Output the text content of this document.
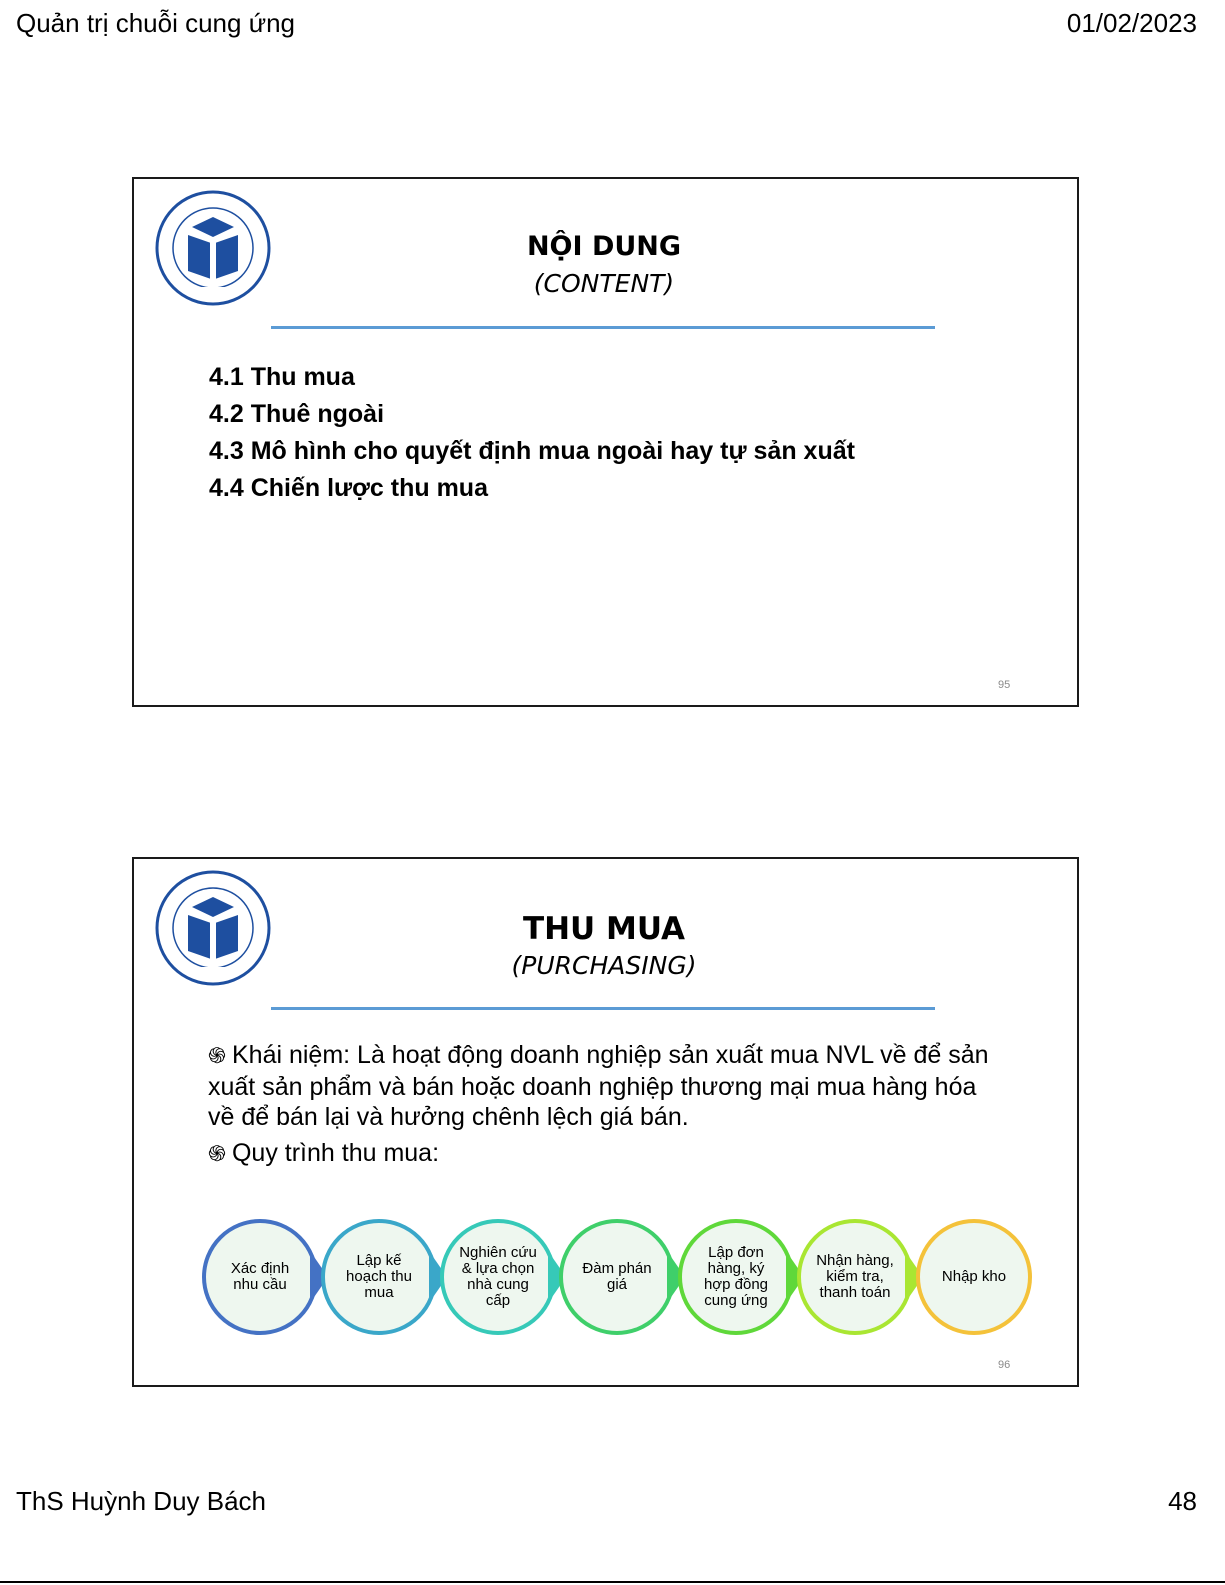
Quản trị chuỗi cung ứng	01/02/2023
NỘI DUNG
(CONTENT)
4.1 Thu mua
4.2 Thuê ngoài
4.3 Mô hình cho quyết định mua ngoài hay tự sản xuất
4.4 Chiến lược thu mua
95
THU MUA
(PURCHASING)
֍ Khái niệm: Là hoạt động doanh nghiệp sản xuất mua NVL về để sản xuất sản phẩm và bán hoặc doanh nghiệp thương mại mua hàng hóa về để bán lại và hưởng chênh lệch giá bán.
֍ Quy trình thu mua:
Xác định nhu cầu
Lập kế hoạch thu mua
Nghiên cứu & lựa chọn nhà cung cấp
Đàm phán giá
Lập đơn hàng, ký hợp đồng cung ứng
Nhận hàng, kiểm tra, thanh toán
Nhập kho
96
ThS Huỳnh Duy Bách	48
